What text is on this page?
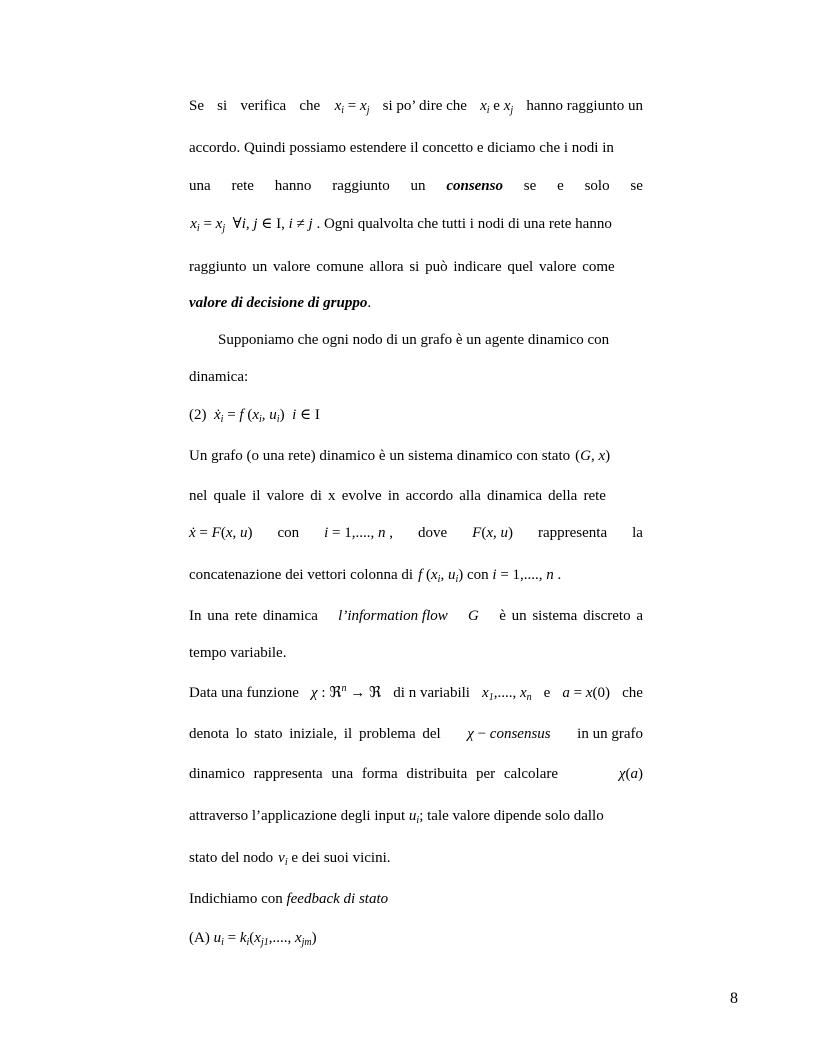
Se si verifica che  $x_i = x_j$ si po’ dire che $x_i$ e $x_j$ hanno raggiunto un
accordo. Quindi possiamo estendere il concetto e diciamo che i nodi in
una rete hanno raggiunto un consenso se e solo se
 $x_i = x_j$   ∀i, j ∈ I, i ≠ j . Ogni qualvolta che tutti i nodi di una rete hanno
raggiunto un valore comune allora si può indicare quel valore come
valore di decisione di gruppo.
Supponiamo che ogni nodo di un grafo è un agente dinamico con
dinamica:
(2)  $ẋ_i = f$ ($x_i$, $u_i$)  i ∈ I
Un grafo (o una rete) dinamico è un sistema dinamico con stato   (G, x)
nel quale il valore di x evolve in accordo alla dinamica della rete
ẋ = F(x, u) con i = 1,...., n , dove F(x, u) rappresenta la
concatenazione dei vettori colonna di  f ($x_i$, $u_i$) con i = 1,...., n .
In una rete dinamica l’information flow G è un sistema discreto a
tempo variabile.
Data una funzione χ : ℜ$^n$ → ℜ di n variabili $x_1$,...., $x_n$ e a = x(0) che
denota lo stato iniziale, il problema del χ − consensus in un grafo
dinamico rappresenta una forma distribuita per calcolare	χ(a)
attraverso l’applicazione degli input $u_i$; tale valore dipende solo dallo
stato del nodo  $v_i$ e dei suoi vicini.
Indichiamo con feedback di stato
(A) $u_i = k_i(x_{j1}$,...., $x_{jm}$)
8
